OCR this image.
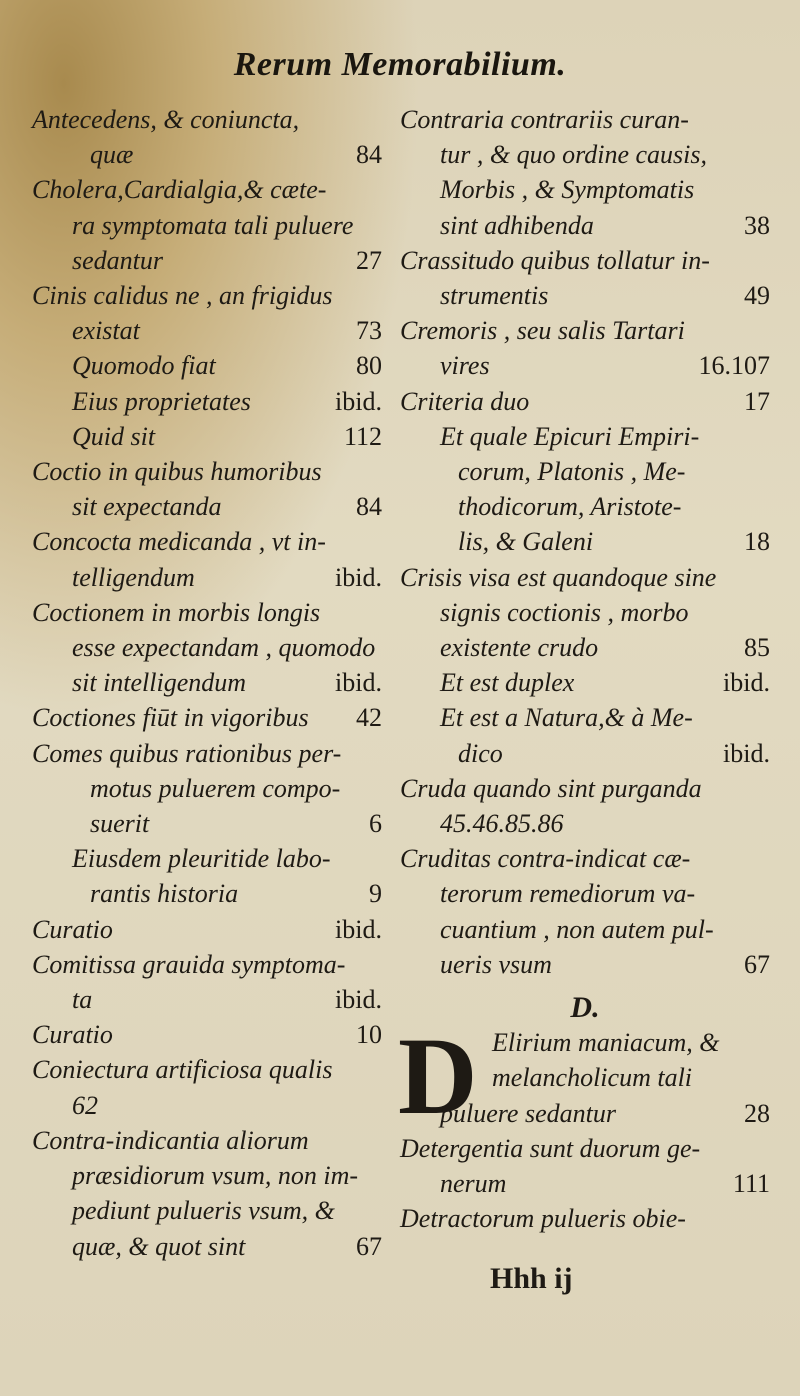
Rerum Memorabilium.
Antecedens, & coniuncta,
quæ	84
Cholera,Cardialgia,& cæte-
ra symptomata tali puluere
sedantur	27
Cinis calidus ne , an frigidus
existat	73
Quomodo fiat	80
Eius proprietates	ibid.
Quid sit	112
Coctio in quibus humoribus
sit expectanda	84
Concocta medicanda , vt in-
telligendum	ibid.
Coctionem in morbis longis
esse expectandam , quomodo
sit intelligendum	ibid.
Coctiones fiūt in vigoribus 42
Comes quibus rationibus per-
motus puluerem compo-
suerit	6
Eiusdem pleuritide labo-
rantis historia	9
Curatio	ibid.
Comitissa grauida symptoma-
ta	ibid.
Curatio	10
Coniectura artificiosa qualis
62
Contra-indicantia aliorum
præsidiorum vsum, non im-
pediunt pulueris vsum, &
quæ, & quot sint	67
Contraria contrariis curan-
tur , & quo ordine causis,
Morbis , & Symptomatis
sint adhibenda	38
Crassitudo quibus tollatur in-
strumentis	49
Cremoris , seu salis Tartari
vires	16.107
Criteria duo	17
Et quale Epicuri Empiri-
corum, Platonis , Me-
thodicorum, Aristote-
lis, & Galeni	18
Crisis visa est quandoque sine
signis coctionis , morbo
existente crudo	85
Et est duplex	ibid.
Et est a Natura,& à Me-
dico	ibid.
Cruda quando sint purganda
45.46.85.86
Cruditas contra-indicat cæ-
terorum remediorum va-
cuantium , non autem pul-
ueris vsum	67
D.
D Elirium maniacum, &
melancholicum tali
puluere sedantur	28
Detergentia sunt duorum ge-
nerum	111
Detractorum pulueris obie-
Hhh ij
